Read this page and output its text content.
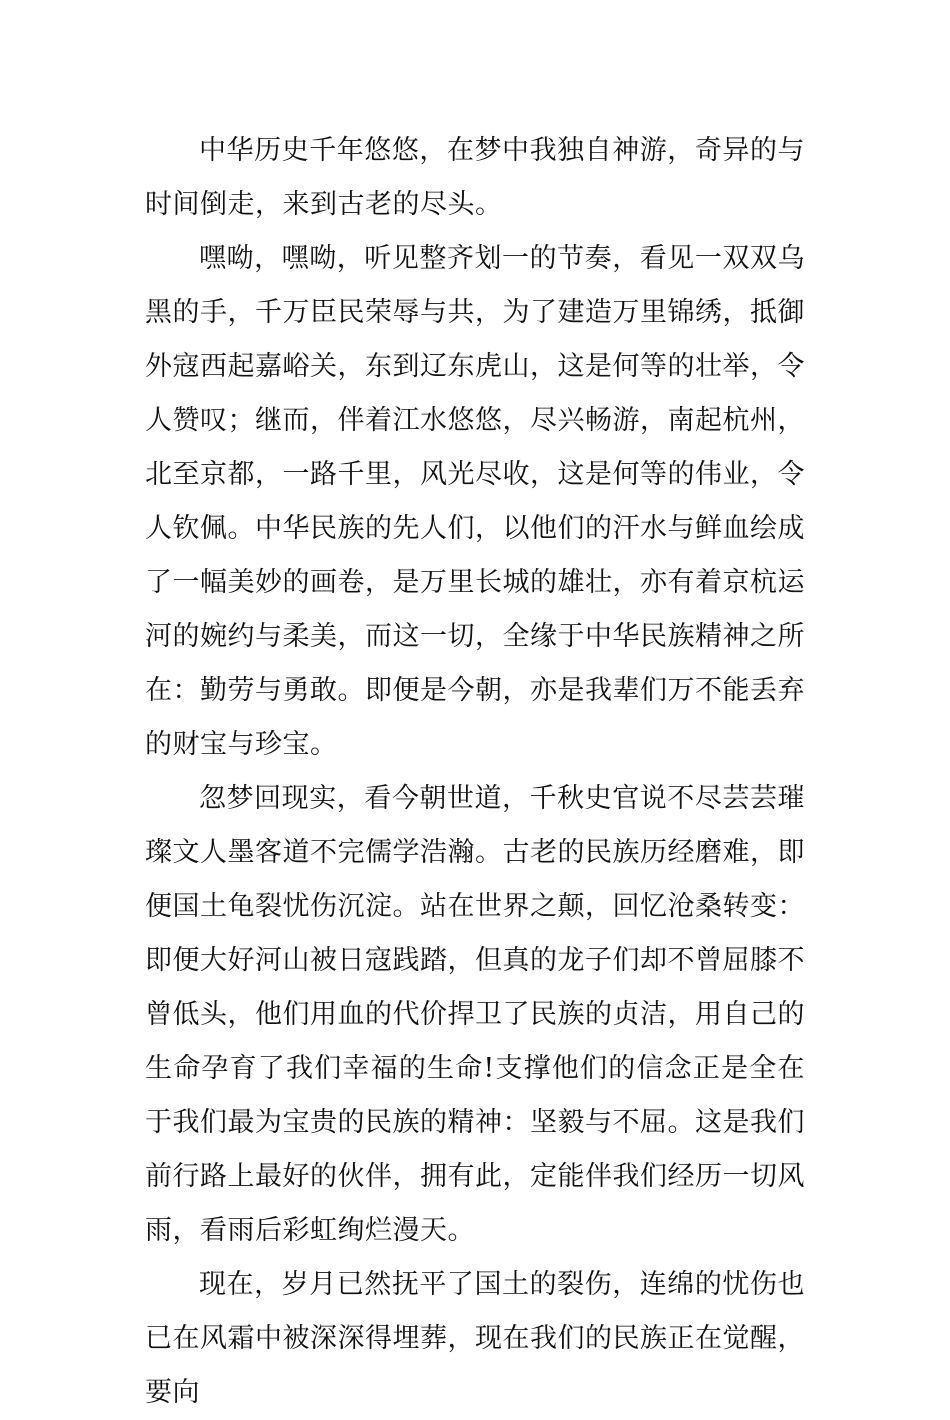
中华历史千年悠悠，在梦中我独自神游，奇异的与时间倒走，来到古老的尽头。

嘿呦，嘿呦，听见整齐划一的节奏，看见一双双乌黑的手，千万臣民荣辱与共，为了建造万里锦绣，抵御外寇西起嘉峪关，东到辽东虎山，这是何等的壮举，令人赞叹；继而，伴着江水悠悠，尽兴畅游，南起杭州，北至京都，一路千里，风光尽收，这是何等的伟业，令人钦佩。中华民族的先人们，以他们的汗水与鲜血绘成了一幅美妙的画卷，是万里长城的雄壮，亦有着京杭运河的婉约与柔美，而这一切，全缘于中华民族精神之所在：勤劳与勇敢。即便是今朝，亦是我辈们万不能丢弃的财宝与珍宝。

忽梦回现实，看今朝世道，千秋史官说不尽芸芸璀璨文人墨客道不完儒学浩瀚。古老的民族历经磨难，即便国土龟裂忧伤沉淀。站在世界之颠，回忆沧桑转变：即便大好河山被日寇践踏，但真的龙子们却不曾屈膝不曾低头，他们用血的代价捍卫了民族的贞洁，用自己的生命孕育了我们幸福的生命!支撑他们的信念正是全在于我们最为宝贵的民族的精神：坚毅与不屈。这是我们前行路上最好的伙伴，拥有此，定能伴我们经历一切风雨，看雨后彩虹绚烂漫天。

现在，岁月已然抚平了国土的裂伤，连绵的忧伤也已在风霜中被深深得埋葬，现在我们的民族正在觉醒，要向
